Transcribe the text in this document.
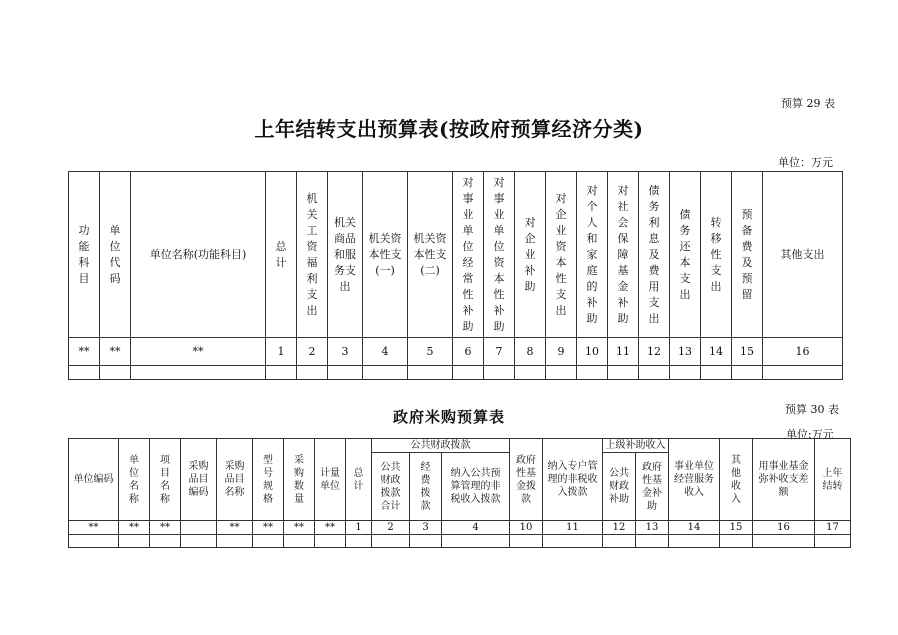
预算 29 表
上年结转支出预算表(按政府预算经济分类)
单位：万元
功能科目	单位代码	单位名称(功能科目)	总计	机关工资福利支出	机关商品和服务支出	机关资本性支(一)	机关资本性支(二)	对事业单位经常性补助	对事业单位资本性补助	对企业补助	对企业资本性支出	对个人和家庭的补助	对社会保障基金补助	债务利息及费用支出	债务还本支出	转移性支出	预备费及预留	其他支出

**	**	**	1	2	3	4	5	6	7	8	9	10	11	12	13	14	15	16

政府米购预算表	预算 30 表
单位:万元
单位编码	单位名称	项目名称	采购品目编码	采购品目名称	型号规格	采购数量	计量单位	总计	公共财政拨款			政府性基金拨款	纳入专户管理的非税收入拨款	上级补助收入		事业单位经营服务收入	其他收入	用事业基金弥补收支差额	上年结转

									公共财政拨款合计	经费拨款	纳入公共预算管理的非税收入拨款			公共财政补助	政府性基金补助				

**	**	**		**	**	**	**	1	2	3	4	10	11	12	13	14	15	16	17
